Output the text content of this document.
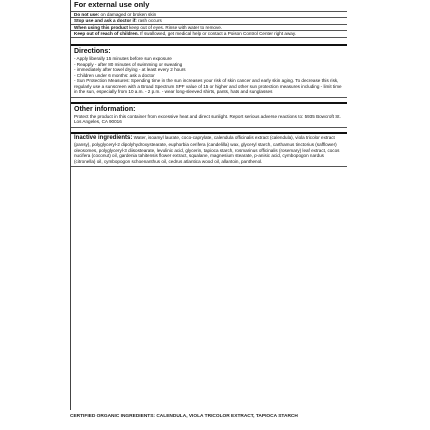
For external use only
Do not use: on damaged or broken skin
Stop use and ask a doctor if: rash occurs
When using this product keep out of eyes. Rinse with water to remove.
Keep out of reach of children. If swallowed, get medical help or contact a Poison Control Center right away.
Directions:
- Apply liberally 15 minutes before sun exposure
- Reapply - after 80 minutes of swimming or sweating
- immediately after towel drying - at least every 2 hours
- Children under 6 months: ask a doctor
- Sun Protection Measures: Spending time in the sun increases your risk of skin cancer and early skin aging. To decrease this risk, regularly use a sunscreen with a Broad Spectrum SPF value of 15 or higher and other sun protection measures including - limit time in the sun, especially from 10 a.m. - 2 p.m. - wear long-sleeved shirts, pants, hats and sunglasses
Other information:
Protect the product in this container from excessive heat and direct sunlight. Report serious adverse reactions to: 5935 Bowcroft St. Los Angeles, CA 90016
Inactive ingredients: Water, isoamyl laurate, coco-caprylate, calendula officinalis extract (calendula), viola tricolor extract (pansy), polyglyceryl-2 dipolyhydroxystearate, euphorbia cerifera (candelilla) wax, glyceryl starch, carthamus tinctorius (safflower) oleosomes, polyglyceryl-3 diisostearate, levulinic acid, glycerin, tapioca starch, rosmarinus officinalis (rosemary) leaf extract, cocos nucifera (coconut) oil, gardenia tahitensis flower extract, squalane, magnesium stearate, p-anisic acid, cymbopogon nardus (citronella) oil, cymbopogon schoenanthus oil, cedrus atlantica wood oil, allantoin, panthenol.
CERTIFIED ORGANIC INGREDIENTS: CALENDULA, VIOLA TRICOLOR EXTRACT, TAPIOCA STARCH
